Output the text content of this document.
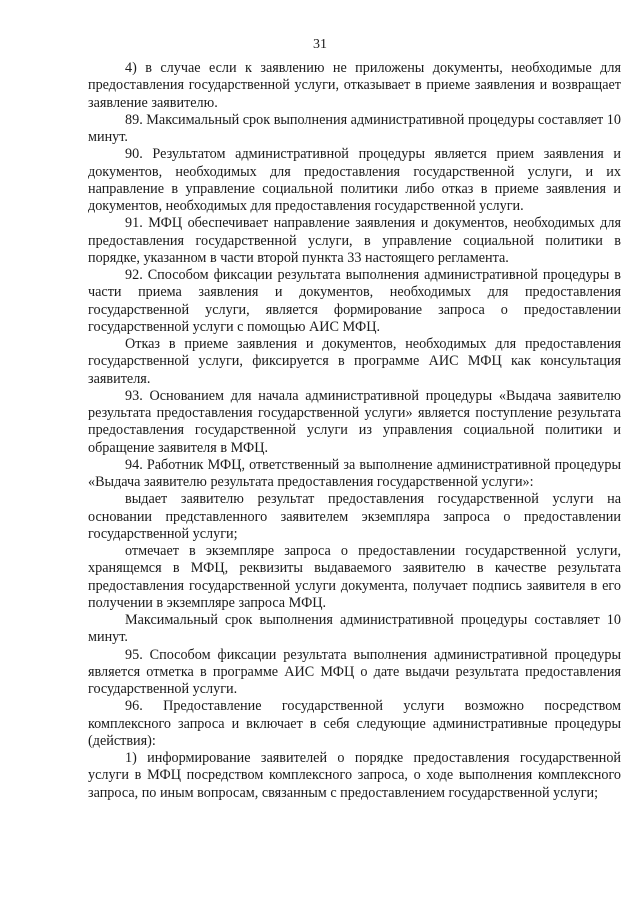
31

4) в случае если к заявлению не приложены документы, необходимые для предоставления государственной услуги, отказывает в приеме заявления и возвращает заявление заявителю.

89. Максимальный срок выполнения административной процедуры составляет 10 минут.

90. Результатом административной процедуры является прием заявления и документов, необходимых для предоставления государственной услуги, и их направление в управление социальной политики либо отказ в приеме заявления и документов, необходимых для предоставления государственной услуги.

91. МФЦ обеспечивает направление заявления и документов, необходимых для предоставления государственной услуги, в управление социальной политики в порядке, указанном в части второй пункта 33 настоящего регламента.

92. Способом фиксации результата выполнения административной процедуры в части приема заявления и документов, необходимых для предоставления государственной услуги, является формирование запроса о предоставлении государственной услуги с помощью АИС МФЦ.

Отказ в приеме заявления и документов, необходимых для предоставления государственной услуги, фиксируется в программе АИС МФЦ как консультация заявителя.

93. Основанием для начала административной процедуры «Выдача заявителю результата предоставления государственной услуги» является поступление результата предоставления государственной услуги из управления социальной политики и обращение заявителя в МФЦ.

94. Работник МФЦ, ответственный за выполнение административной процедуры «Выдача заявителю результата предоставления государственной услуги»:

выдает заявителю результат предоставления государственной услуги на основании представленного заявителем экземпляра запроса о предоставлении государственной услуги;

отмечает в экземпляре запроса о предоставлении государственной услуги, хранящемся в МФЦ, реквизиты выдаваемого заявителю в качестве результата предоставления государственной услуги документа, получает подпись заявителя в его получении в экземпляре запроса МФЦ.

Максимальный срок выполнения административной процедуры составляет 10 минут.

95. Способом фиксации результата выполнения административной процедуры является отметка в программе АИС МФЦ о дате выдачи результата предоставления государственной услуги.

96. Предоставление государственной услуги возможно посредством комплексного запроса и включает в себя следующие административные процедуры (действия):

1) информирование заявителей о порядке предоставления государственной услуги в МФЦ посредством комплексного запроса, о ходе выполнения комплексного запроса, по иным вопросам, связанным с предоставлением государственной услуги;
